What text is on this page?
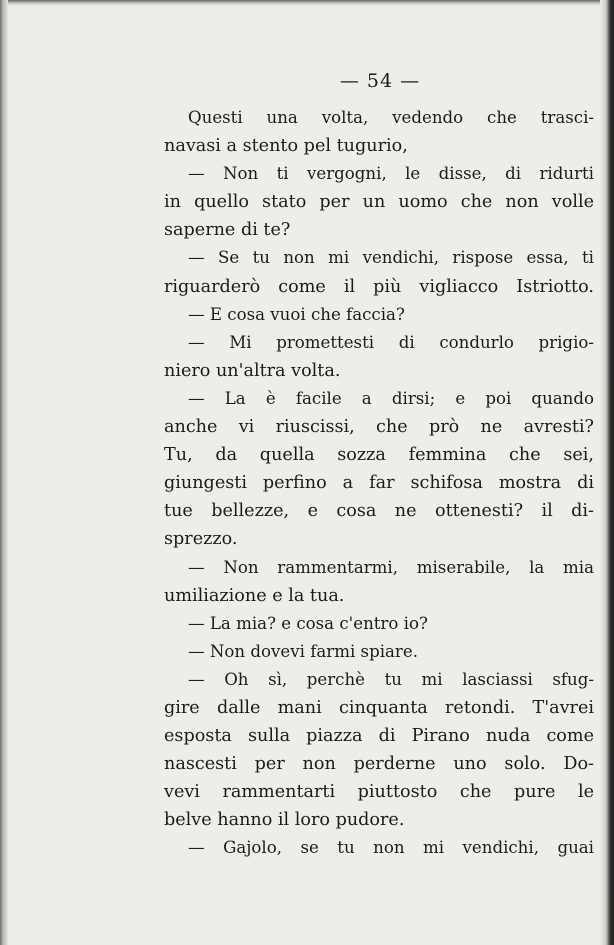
— 54 —
Questi una volta, vedendo che trasci-
navasi a stento pel tugurio,
— Non ti vergogni, le disse, di ridurti
in quello stato per un uomo che non volle
saperne di te?
— Se tu non mi vendichi, rispose essa, ti
riguarderò come il più vigliacco Istriotto.
— E cosa vuoi che faccia?
— Mi promettesti di condurlo prigio-
niero un'altra volta.
— La è facile a dirsi; e poi quando
anche vi riuscissi, che prò ne avresti?
Tu, da quella sozza femmina che sei,
giungesti perfino a far schifosa mostra di
tue bellezze, e cosa ne ottenesti? il di-
sprezzo.
— Non rammentarmi, miserabile, la mia
umiliazione e la tua.
— La mia? e cosa c'entro io?
— Non dovevi farmi spiare.
— Oh sì, perchè tu mi lasciassi sfug-
gire dalle mani cinquanta retondi. T'avrei
esposta sulla piazza di Pirano nuda come
nascesti per non perderne uno solo. Do-
vevi rammentarti piuttosto che pure le
belve hanno il loro pudore.
— Gajolo, se tu non mi vendichi, guai
